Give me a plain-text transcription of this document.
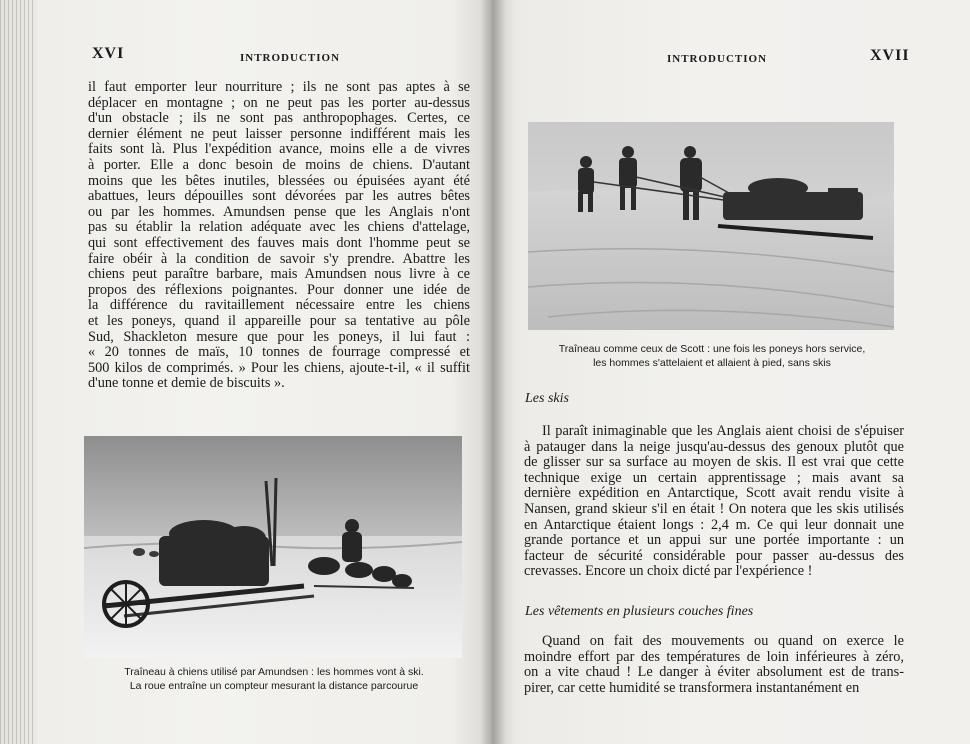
XVI	INTRODUCTION
il faut emporter leur nourriture ; ils ne sont pas aptes à se
déplacer en montagne ; on ne peut pas les porter au-dessus
d'un obstacle ; ils ne sont pas anthropophages. Certes, ce
dernier élément ne peut laisser personne indifférent mais les
faits sont là. Plus l'expédition avance, moins elle a de vivres
à porter. Elle a donc besoin de moins de chiens. D'autant
moins que les bêtes inutiles, blessées ou épuisées ayant été
abattues, leurs dépouilles sont dévorées par les autres bêtes
ou par les hommes. Amundsen pense que les Anglais n'ont
pas su établir la relation adéquate avec les chiens d'attelage,
qui sont effectivement des fauves mais dont l'homme peut se
faire obéir à la condition de savoir s'y prendre. Abattre les
chiens peut paraître barbare, mais Amundsen nous livre à ce
propos des réflexions poignantes. Pour donner une idée de
la différence du ravitaillement nécessaire entre les chiens
et les poneys, quand il appareille pour sa tentative au pôle
Sud, Shackleton mesure que pour les poneys, il lui faut :
« 20 tonnes de maïs, 10 tonnes de fourrage compressé et
500 kilos de comprimés. » Pour les chiens, ajoute-t-il, « il suffit
d'une tonne et demie de biscuits ».

Traîneau à chiens utilisé par Amundsen : les hommes vont à ski.
La roue entraîne un compteur mesurant la distance parcourue
INTRODUCTION	XVII
Traîneau comme ceux de Scott : une fois les poneys hors service,
les hommes s'attelaient et allaient à pied, sans skis
Les skis
Il paraît inimaginable que les Anglais aient choisi de s'épuiser
à patauger dans la neige jusqu'au-dessus des genoux plutôt que
de glisser sur sa surface au moyen de skis. Il est vrai que cette
technique exige un certain apprentissage ; mais avant sa
dernière expédition en Antarctique, Scott avait rendu visite à
Nansen, grand skieur s'il en était ! On notera que les skis utilisés
en Antarctique étaient longs : 2,4 m. Ce qui leur donnait une
grande portance et un appui sur une portée importante : un
facteur de sécurité considérable pour passer au-dessus des
crevasses. Encore un choix dicté par l'expérience !
Les vêtements en plusieurs couches fines
Quand on fait des mouvements ou quand on exerce le
moindre effort par des températures de loin inférieures à zéro,
on a vite chaud ! Le danger à éviter absolument est de trans-
pirer, car cette humidité se transformera instantanément en
